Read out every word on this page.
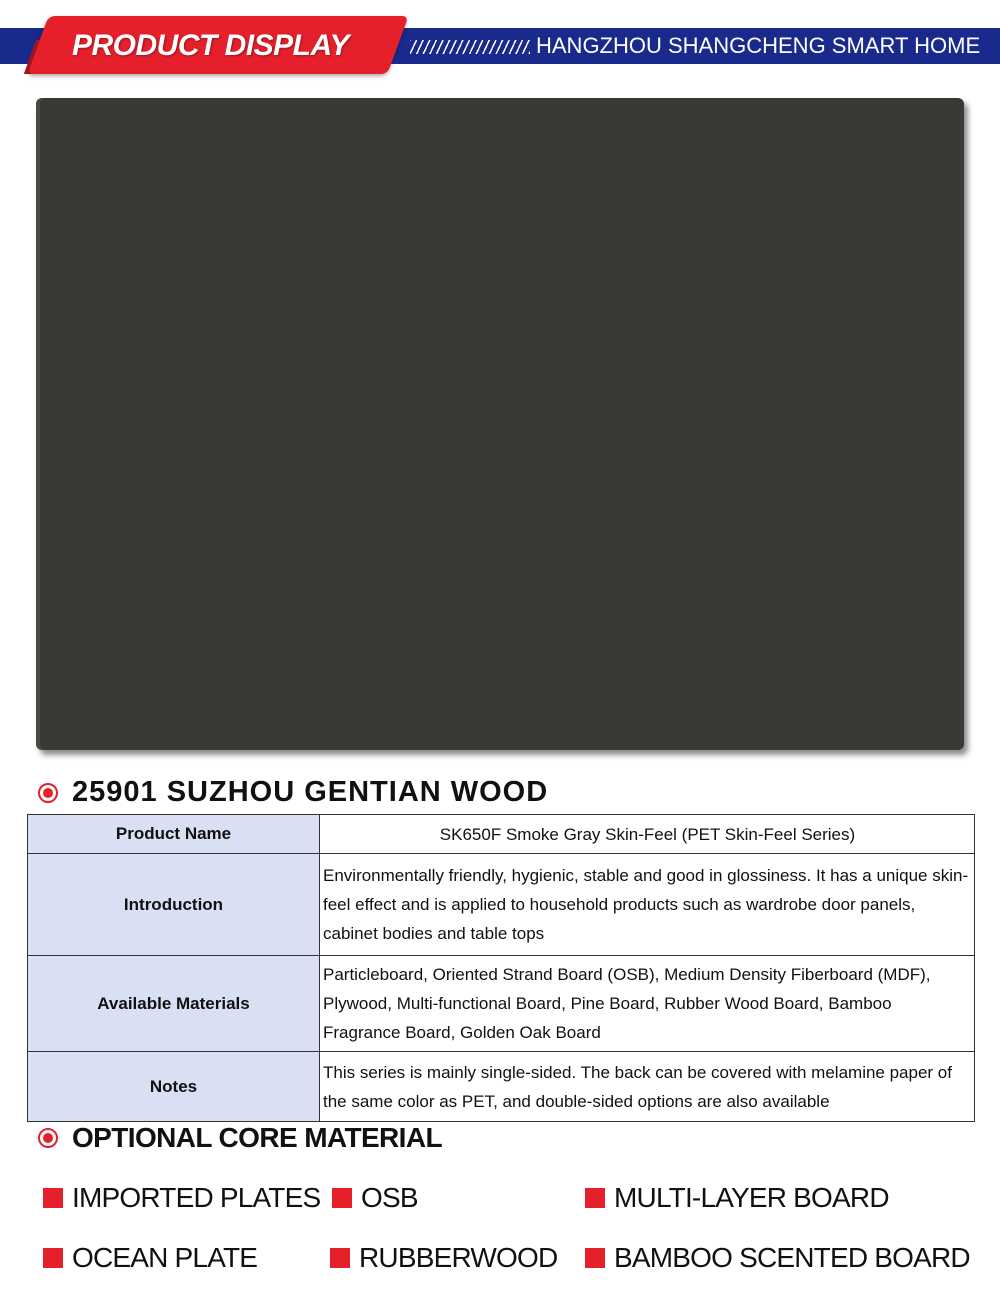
PRODUCT DISPLAY	HANGZHOU SHANGCHENG SMART HOME
25901 SUZHOU GENTIAN WOOD
Product Name	SK650F Smoke Gray Skin-Feel (PET Skin-Feel Series)
Introduction	Environmentally friendly, hygienic, stable and good in glossiness. It has a unique skin-feel effect and is applied to household products such as wardrobe door panels, cabinet bodies and table tops
Available Materials	Particleboard, Oriented Strand Board (OSB), Medium Density Fiberboard (MDF), Plywood, Multi-functional Board, Pine Board, Rubber Wood Board, Bamboo Fragrance Board, Golden Oak Board
Notes	This series is mainly single-sided. The back can be covered with melamine paper of the same color as PET, and double-sided options are also available
OPTIONAL CORE MATERIAL
IMPORTED PLATES OSB	MULTI-LAYER BOARD
OCEAN PLATE	RUBBERWOOD BAMBOO SCENTED BOARD
